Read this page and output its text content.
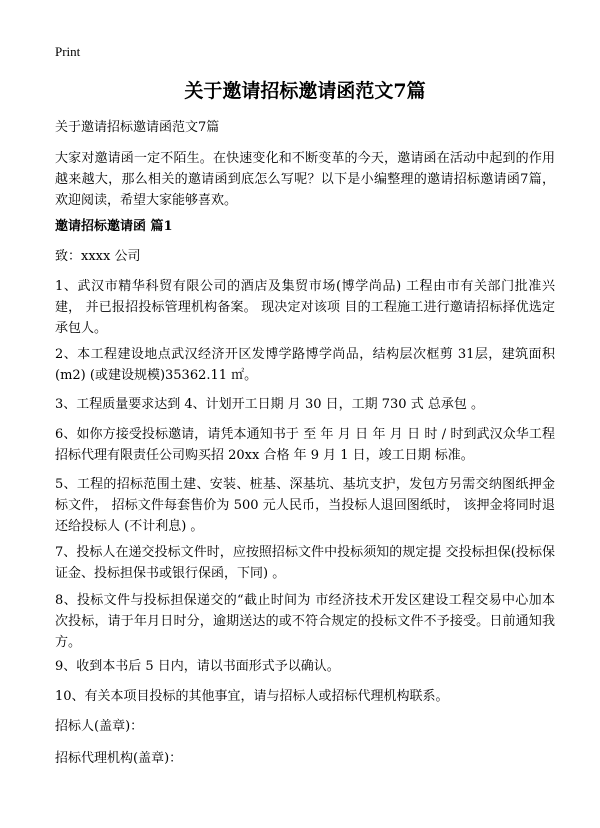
Print
关于邀请招标邀请函范文7篇

关于邀请招标邀请函范文7篇

大家对邀请函一定不陌生。在快速变化和不断变革的今天，邀请函在活动中起到的作用越来越大，那么相关的邀请函到底怎么写呢？以下是小编整理的邀请招标邀请函7篇，欢迎阅读，希望大家能够喜欢。

邀请招标邀请函 篇1

致：xxxx 公司

1、武汉市精华科贸有限公司的酒店及集贸市场(博学尚品) 工程由市有关部门批准兴建， 并已报招投标管理机构备案。 现决定对该项 目的工程施工进行邀请招标择优选定承包人。

2、本工程建设地点武汉经济开区发博学路博学尚品，结构层次框剪 31层，建筑面积(m2) (或建设规模)35362.11 ㎡。

3、工程质量要求达到 4、计划开工日期 月 30 日，工期 730 式 总承包 。

6、如你方接受投标邀请，请凭本通知书于 至 年 月 日 年 月 日 时 / 时到武汉众华工程招标代理有限责任公司购买招 20xx 合格 年 9 月 1 日，竣工日期 标准。

5、工程的招标范围土建、安装、桩基、深基坑、基坑支护，发包方另需交纳图纸押金 标文件， 招标文件每套售价为 500 元人民币，当投标人退回图纸时， 该押金将同时退还给投标人 (不计利息) 。

7、投标人在递交投标文件时，应按照招标文件中投标须知的规定提 交投标担保(投标保证金、投标担保书或银行保函，下同) 。

8、投标文件与投标担保递交的“截止时间为 市经济技术开发区建设工程交易中心加本次投标，请于年月日时分，逾期送达的或不符合规定的投标文件不予接受。日前通知我方。

9、收到本书后 5 日内，请以书面形式予以确认。

10、有关本项目投标的其他事宜，请与招标人或招标代理机构联系。

招标人(盖章)：

招标代理机构(盖章)：
